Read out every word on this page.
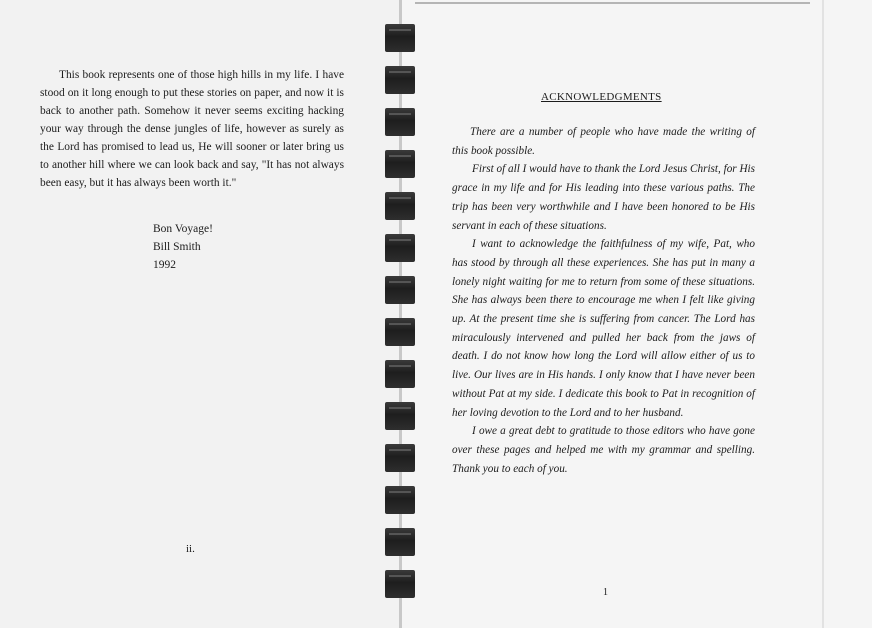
This book represents one of those high hills in my life. I have stood on it long enough to put these stories on paper, and now it is back to another path. Somehow it never seems exciting hacking your way through the dense jungles of life, however as surely as the Lord has promised to lead us, He will sooner or later bring us to another hill where we can look back and say, "It has not always been easy, but it has always been worth it."

Bon Voyage!
Bill Smith
1992
ii.
ACKNOWLEDGMENTS

There are a number of people who have made the writing of this book possible.

First of all I would have to thank the Lord Jesus Christ, for His grace in my life and for His leading into these various paths. The trip has been very worthwhile and I have been honored to be His servant in each of these situations.

I want to acknowledge the faithfulness of my wife, Pat, who has stood by through all these experiences. She has put in many a lonely night waiting for me to return from some of these situations. She has always been there to encourage me when I felt like giving up. At the present time she is suffering from cancer. The Lord has miraculously intervened and pulled her back from the jaws of death. I do not know how long the Lord will allow either of us to live. Our lives are in His hands. I only know that I have never been without Pat at my side. I dedicate this book to Pat in recognition of her loving devotion to the Lord and to her husband.

I owe a great debt to gratitude to those editors who have gone over these pages and helped me with my grammar and spelling. Thank you to each of you.

1
